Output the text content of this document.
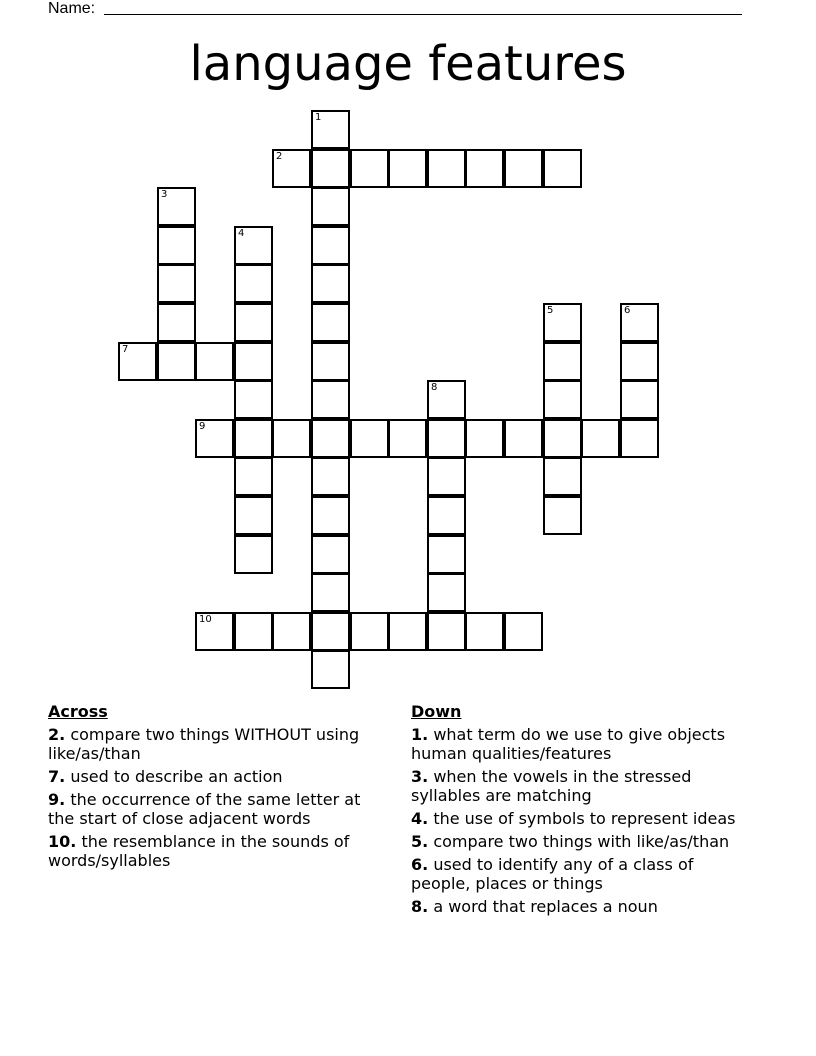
Name:
language features
1
2
3
4
5	6
7
8
9
10
Across
2. compare two things WITHOUT using like/as/than
7. used to describe an action
9. the occurrence of the same letter at the start of close adjacent words
10. the resemblance in the sounds of words/syllables
Down
1. what term do we use to give objects human qualities/features
3. when the vowels in the stressed syllables are matching
4. the use of symbols to represent ideas
5. compare two things with like/as/than
6. used to identify any of a class of people, places or things
8. a word that replaces a noun
